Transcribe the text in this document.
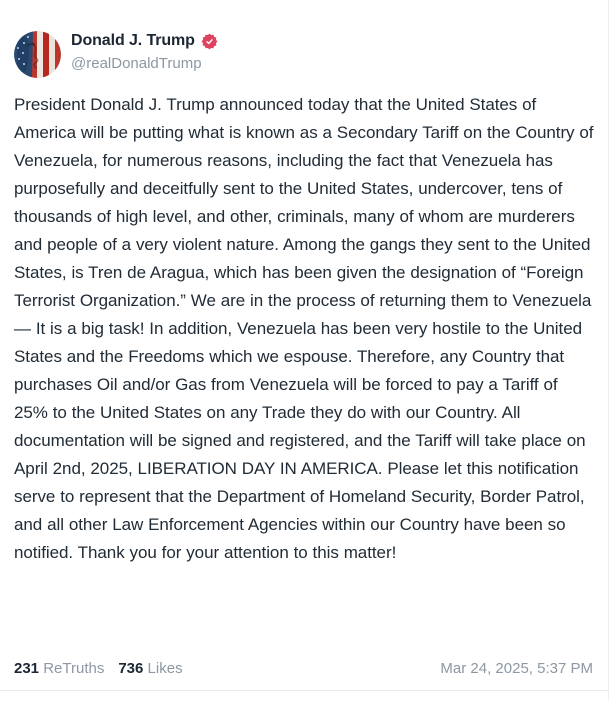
Donald J. Trump
@realDonaldTrump

President Donald J. Trump announced today that the United States of America will be putting what is known as a Secondary Tariff on the Country of Venezuela, for numerous reasons, including the fact that Venezuela has purposefully and deceitfully sent to the United States, undercover, tens of thousands of high level, and other, criminals, many of whom are murderers and people of a very violent nature. Among the gangs they sent to the United States, is Tren de Aragua, which has been given the designation of “Foreign Terrorist Organization.” We are in the process of returning them to Venezuela — It is a big task! In addition, Venezuela has been very hostile to the United States and the Freedoms which we espouse. Therefore, any Country that purchases Oil and/or Gas from Venezuela will be forced to pay a Tariff of 25% to the United States on any Trade they do with our Country. All documentation will be signed and registered, and the Tariff will take place on April 2nd, 2025, LIBERATION DAY IN AMERICA. Please let this notification serve to represent that the Department of Homeland Security, Border Patrol, and all other Law Enforcement Agencies within our Country have been so notified. Thank you for your attention to this matter!

231 ReTruths 736 Likes	Mar 24, 2025, 5:37 PM
